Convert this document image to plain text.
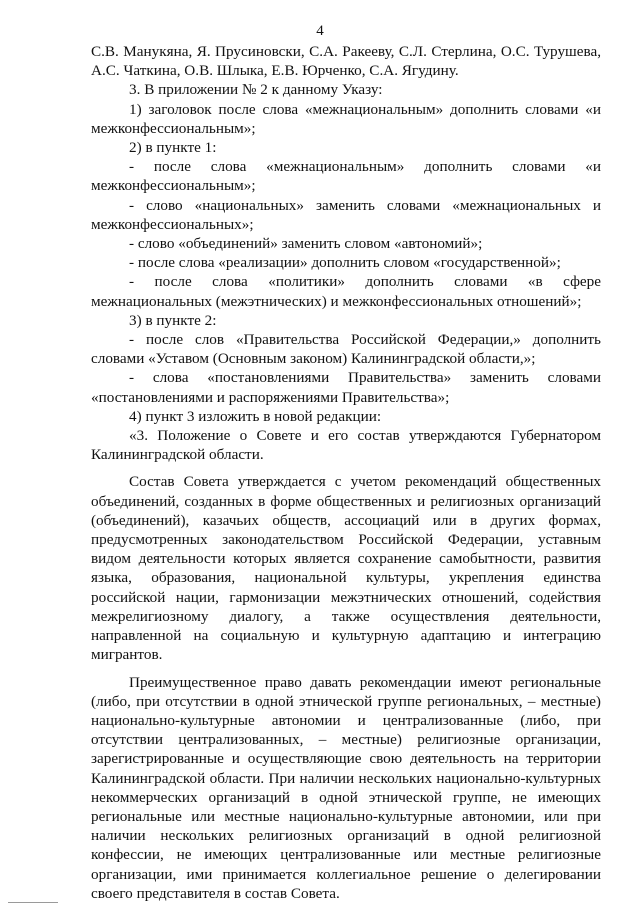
4

С.В. Манукяна, Я. Прусиновски, С.А. Ракееву, С.Л. Стерлина, О.С. Турушева, А.С. Чаткина, О.В. Шлыка, Е.В. Юрченко, С.А. Ягудину.

3. В приложении № 2 к данному Указу:

1) заголовок после слова «межнациональным» дополнить словами «и межконфессиональным»;

2) в пункте 1:

- после слова «межнациональным» дополнить словами «и межконфессиональным»;

- слово «национальных» заменить словами «межнациональных и межконфессиональных»;

- слово «объединений» заменить словом «автономий»;

- после слова «реализации» дополнить словом «государственной»;

- после слова «политики» дополнить словами «в сфере межнациональных (межэтнических) и межконфессиональных отношений»;

3) в пункте 2:

- после слов «Правительства Российской Федерации,» дополнить словами «Уставом (Основным законом) Калининградской области,»;

- слова «постановлениями Правительства» заменить словами «постановлениями и распоряжениями Правительства»;

4) пункт 3 изложить в новой редакции:

«3. Положение о Совете и его состав утверждаются Губернатором Калининградской области.

Состав Совета утверждается с учетом рекомендаций общественных объединений, созданных в форме общественных и религиозных организаций (объединений), казачьих обществ, ассоциаций или в других формах, предусмотренных законодательством Российской Федерации, уставным видом деятельности которых является сохранение самобытности, развития языка, образования, национальной культуры, укрепления единства российской нации, гармонизации межэтнических отношений, содействия межрелигиозному диалогу, а также осуществления деятельности, направленной на социальную и культурную адаптацию и интеграцию мигрантов.

Преимущественное право давать рекомендации имеют региональные (либо, при отсутствии в одной этнической группе региональных, – местные) национально-культурные автономии и централизованные (либо, при отсутствии централизованных, – местные) религиозные организации, зарегистрированные и осуществляющие свою деятельность на территории Калининградской области. При наличии нескольких национально-культурных некоммерческих организаций в одной этнической группе, не имеющих региональные или местные национально-культурные автономии, или при наличии нескольких религиозных организаций в одной религиозной конфессии, не имеющих централизованные или местные религиозные организации, ими принимается коллегиальное решение о делегировании своего представителя в состав Совета.
